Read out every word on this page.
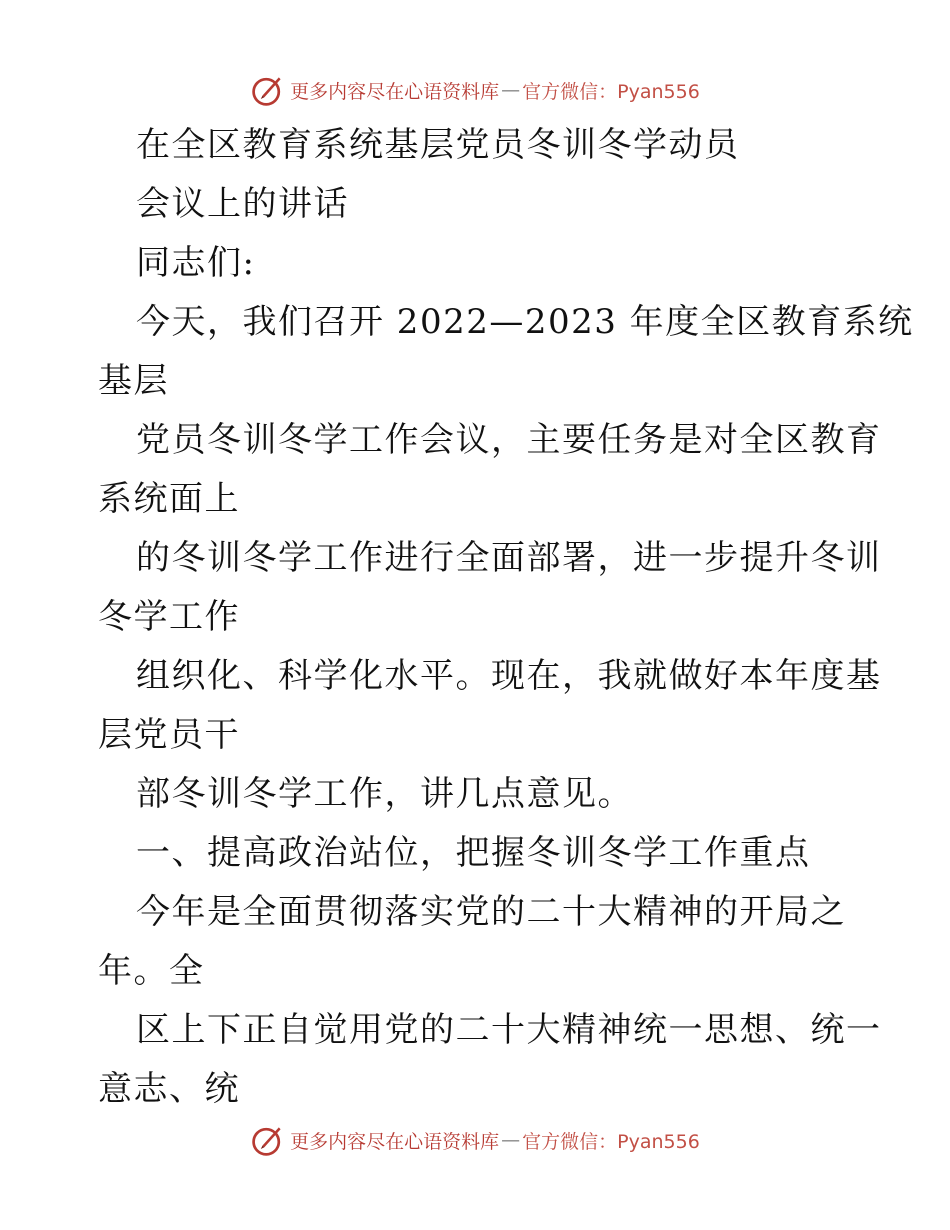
更多内容尽在心语资料库 — 官方微信：Pyan556
在全区教育系统基层党员冬训冬学动员
会议上的讲话
同志们:
今天，我们召开 2022—2023 年度全区教育系统
基层
党员冬训冬学工作会议，主要任务是对全区教育
系统面上
的冬训冬学工作进行全面部署，进一步提升冬训
冬学工作
组织化、科学化水平。现在，我就做好本年度基
层党员干
部冬训冬学工作，讲几点意见。
一、提高政治站位，把握冬训冬学工作重点
今年是全面贯彻落实党的二十大精神的开局之
年。全
区上下正自觉用党的二十大精神统一思想、统一
意志、统
更多内容尽在心语资料库 — 官方微信：Pyan556
